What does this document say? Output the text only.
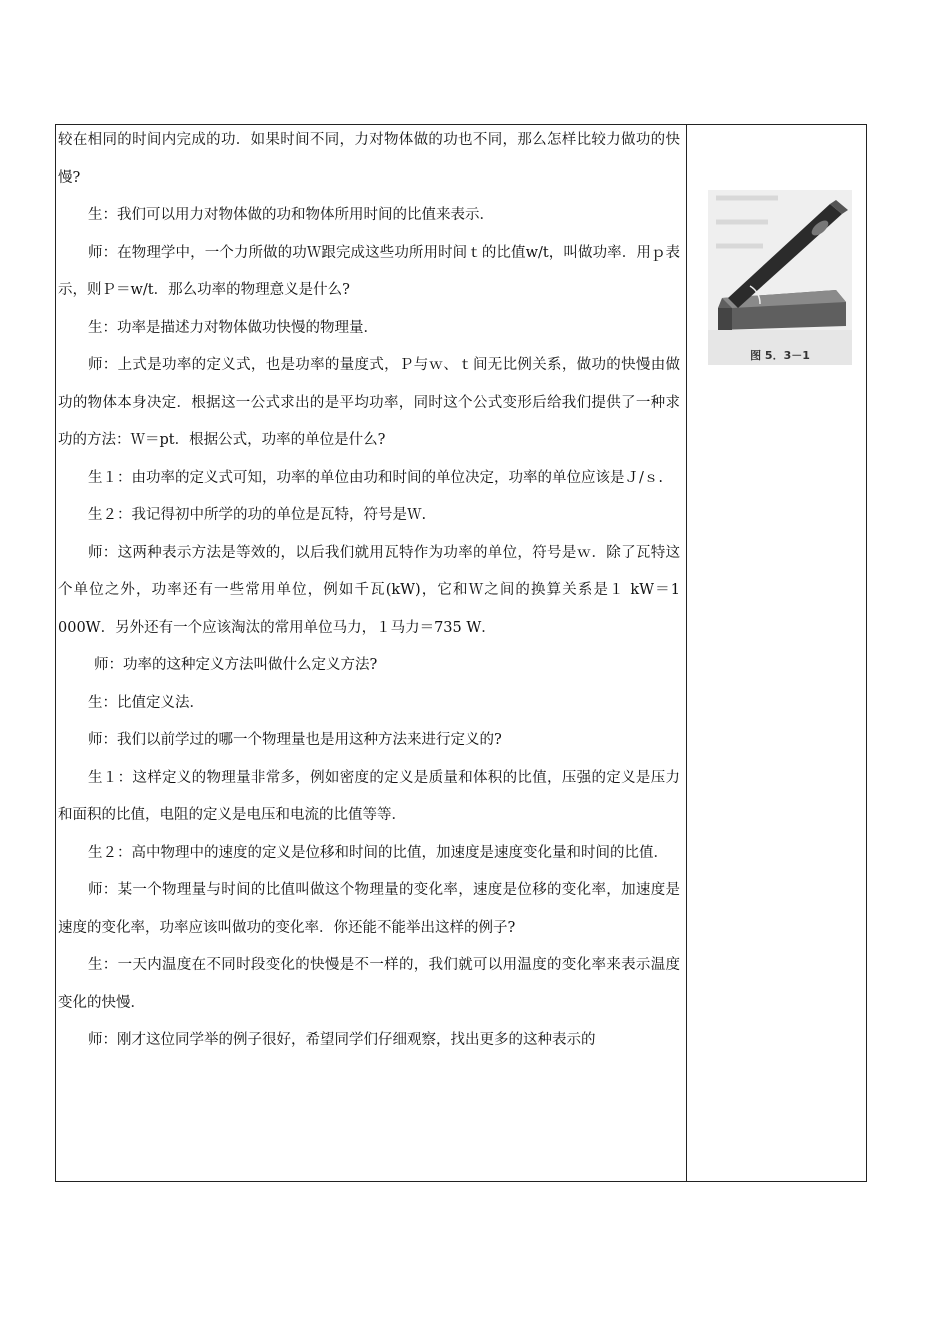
较在相同的时间内完成的功．如果时间不同，力对物体做的功也不同，那么怎样比较力做功的快慢?

生：我们可以用力对物体做的功和物体所用时间的比值来表示．

师：在物理学中，一个力所做的功Ｗ跟完成这些功所用时间ｔ的比值w/t，叫做功率．用ｐ表示，则Ｐ＝w/t．那么功率的物理意义是什么?

生：功率是描述力对物体做功快慢的物理量．

师：上式是功率的定义式，也是功率的量度式，Ｐ与ｗ、ｔ间无比例关系，做功的快慢由做功的物体本身决定．根据这一公式求出的是平均功率，同时这个公式变形后给我们提供了一种求功的方法：Ｗ＝pt．根据公式，功率的单位是什么?

生１：由功率的定义式可知，功率的单位由功和时间的单位决定，功率的单位应该是Ｊ/ｓ.

生２：我记得初中所学的功的单位是瓦特，符号是Ｗ.

师：这两种表示方法是等效的，以后我们就用瓦特作为功率的单位，符号是ｗ．除了瓦特这个单位之外，功率还有一些常用单位，例如千瓦(kW)，它和Ｗ之间的换算关系是１ kW＝1 000W．另外还有一个应该淘汰的常用单位马力，１马力＝735 W．

师：功率的这种定义方法叫做什么定义方法?

生：比值定义法．

师：我们以前学过的哪一个物理量也是用这种方法来进行定义的?

生１：这样定义的物理量非常多，例如密度的定义是质量和体积的比值，压强的定义是压力和面积的比值，电阻的定义是电压和电流的比值等等．

生２：高中物理中的速度的定义是位移和时间的比值，加速度是速度变化量和时间的比值．

师：某一个物理量与时间的比值叫做这个物理量的变化率，速度是位移的变化率，加速度是速度的变化率，功率应该叫做功的变化率．你还能不能举出这样的例子?

生：一天内温度在不同时段变化的快慢是不一样的，我们就可以用温度的变化率来表示温度变化的快慢．

师：刚才这位同学举的例子很好，希望同学们仔细观察，找出更多的这种表示的

θ
图 5．3－1
